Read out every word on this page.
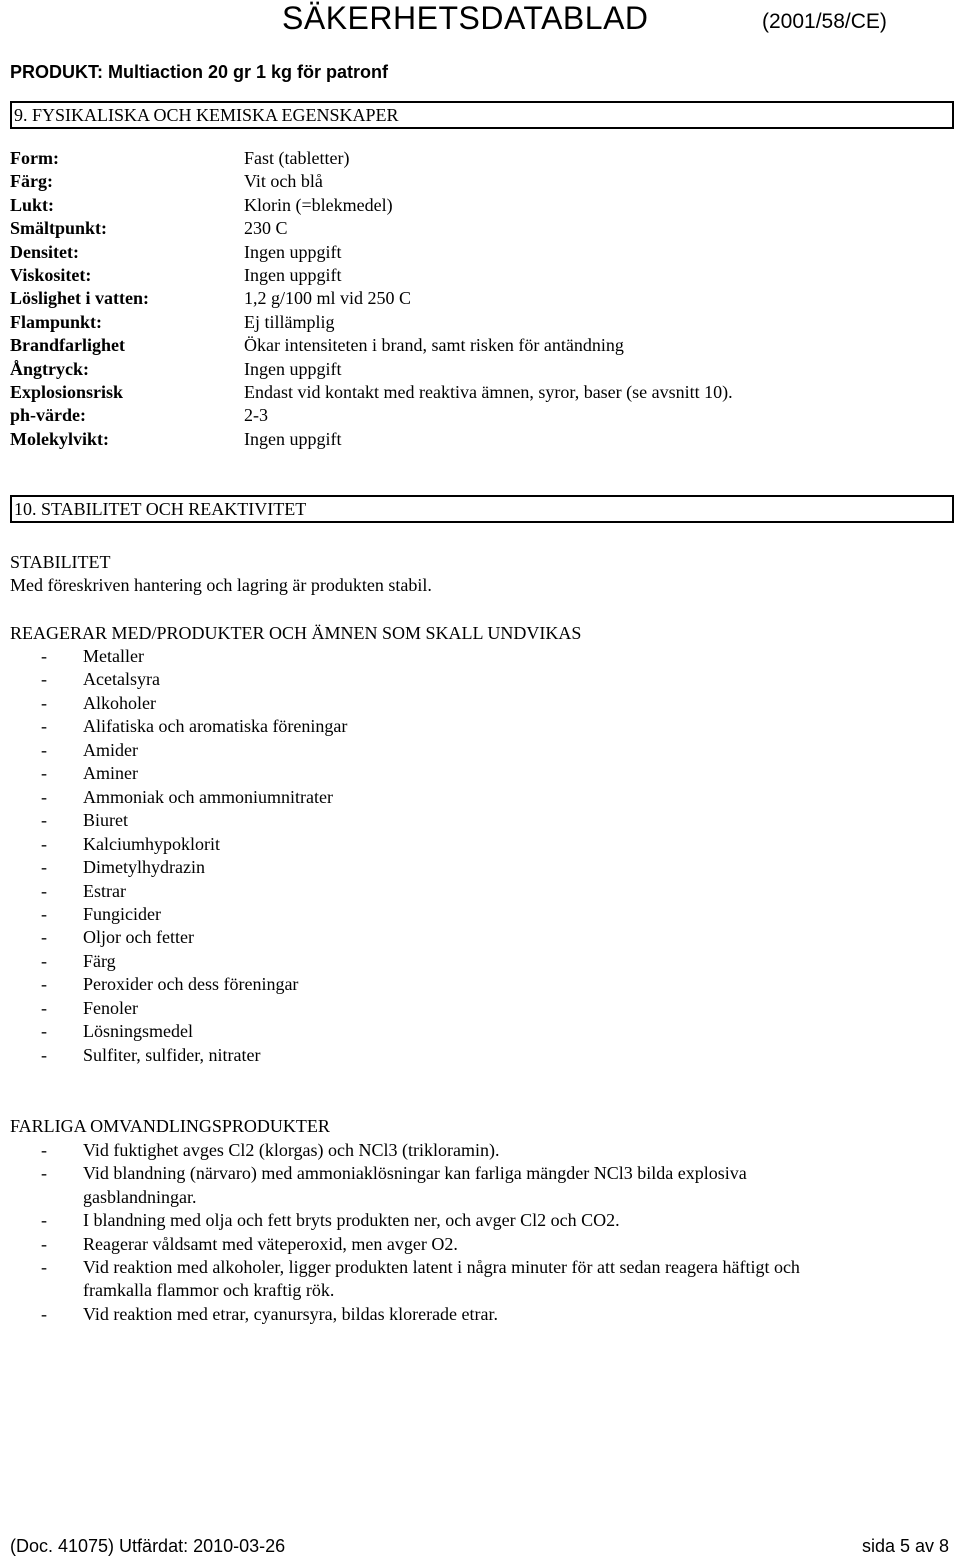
SÄKERHETSDATABLAD	(2001/58/CE)
PRODUKT: Multiaction 20 gr 1 kg för patronf
9. FYSIKALISKA OCH KEMISKA EGENSKAPER
Form:	Fast (tabletter)
Färg:	Vit och blå
Lukt:	Klorin (=blekmedel)
Smältpunkt:	230 C
Densitet:	Ingen uppgift
Viskositet:	Ingen uppgift
Löslighet i vatten:	1,2 g/100 ml vid 250 C
Flampunkt:	Ej tillämplig
Brandfarlighet	Ökar intensiteten i brand, samt risken för antändning
Ångtryck:	Ingen uppgift
Explosionsrisk	Endast vid kontakt med reaktiva ämnen, syror, baser (se avsnitt 10).
ph-värde:	2-3
Molekylvikt:	Ingen uppgift
10. STABILITET OCH REAKTIVITET
STABILITET
Med föreskriven hantering och lagring är produkten stabil.
REAGERAR MED/PRODUKTER OCH ÄMNEN SOM SKALL UNDVIKAS
- Metaller
- Acetalsyra
- Alkoholer
- Alifatiska och aromatiska föreningar
- Amider
- Aminer
- Ammoniak och ammoniumnitrater
- Biuret
- Kalciumhypoklorit
- Dimetylhydrazin
- Estrar
- Fungicider
- Oljor och fetter
- Färg
- Peroxider och dess föreningar
- Fenoler
- Lösningsmedel
- Sulfiter, sulfider, nitrater
FARLIGA OMVANDLINGSPRODUKTER
- Vid fuktighet avges Cl2 (klorgas) och NCl3 (trikloramin).
- Vid blandning (närvaro) med ammoniaklösningar kan farliga mängder NCl3 bilda explosiva
gasblandningar.
- I blandning med olja och fett bryts produkten ner, och avger Cl2 och CO2.
- Reagerar våldsamt med väteperoxid, men avger O2.
- Vid reaktion med alkoholer, ligger produkten latent i några minuter för att sedan reagera häftigt och
framkalla flammor och kraftig rök.
- Vid reaktion med etrar, cyanursyra, bildas klorerade etrar.
(Doc. 41075) Utfärdat: 2010-03-26	sida 5 av 8
